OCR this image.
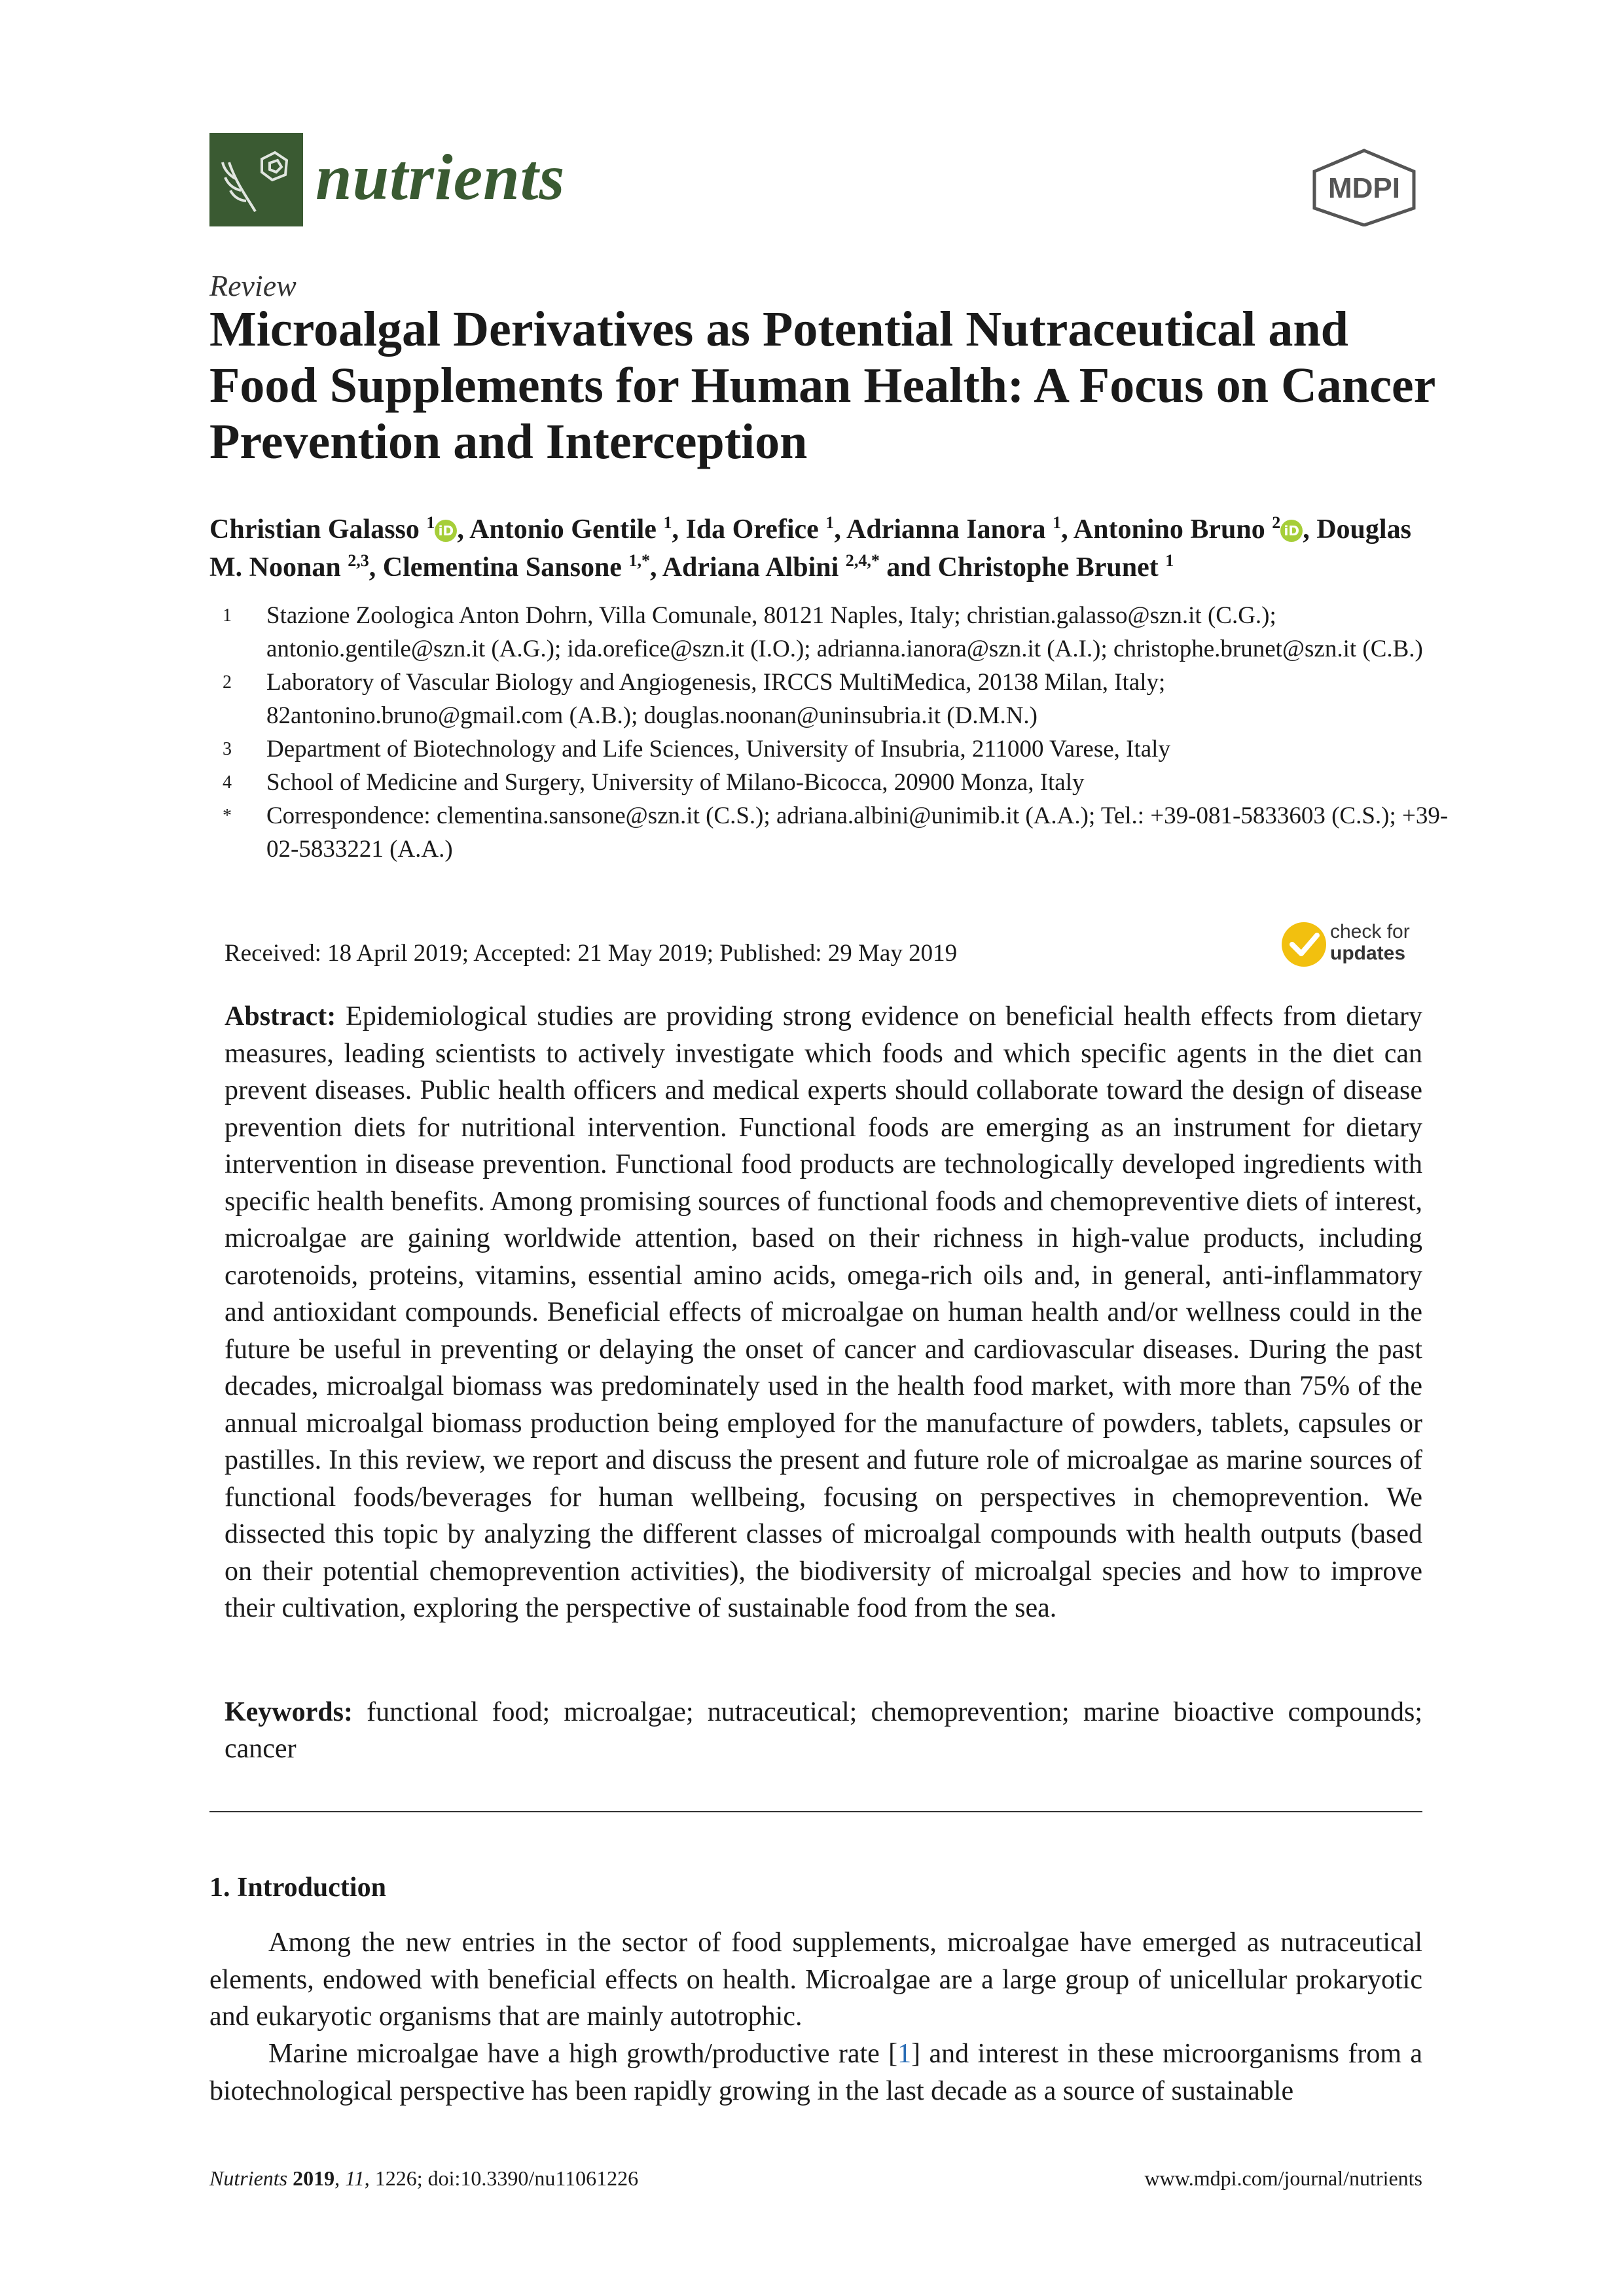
nutrients	MDPI
Review
Microalgal Derivatives as Potential Nutraceutical and Food Supplements for Human Health: A Focus on Cancer Prevention and Interception
Christian Galasso $^1$ iD , Antonio Gentile $^1$, Ida Orefice $^1$, Adrianna Ianora $^1$, Antonino Bruno $^2$ iD , Douglas M. Noonan $^{2,3}$, Clementina Sansone $^{1,*}$, Adriana Albini $^{2,4,*}$ and Christophe Brunet $^1$
1	Stazione Zoologica Anton Dohrn, Villa Comunale, 80121 Naples, Italy; christian.galasso@szn.it (C.G.); antonio.gentile@szn.it (A.G.); ida.orefice@szn.it (I.O.); adrianna.ianora@szn.it (A.I.); christophe.brunet@szn.it (C.B.)
2	Laboratory of Vascular Biology and Angiogenesis, IRCCS MultiMedica, 20138 Milan, Italy; 82antonino.bruno@gmail.com (A.B.); douglas.noonan@uninsubria.it (D.M.N.)
3	Department of Biotechnology and Life Sciences, University of Insubria, 211000 Varese, Italy
4	School of Medicine and Surgery, University of Milano-Bicocca, 20900 Monza, Italy
*	Correspondence: clementina.sansone@szn.it (C.S.); adriana.albini@unimib.it (A.A.); Tel.: +39-081-5833603 (C.S.); +39-02-5833221 (A.A.)
Received: 18 April 2019; Accepted: 21 May 2019; Published: 29 May 2019
check for
updates
Abstract: Epidemiological studies are providing strong evidence on beneficial health effects from dietary measures, leading scientists to actively investigate which foods and which specific agents in the diet can prevent diseases. Public health officers and medical experts should collaborate toward the design of disease prevention diets for nutritional intervention. Functional foods are emerging as an instrument for dietary intervention in disease prevention. Functional food products are technologically developed ingredients with specific health benefits. Among promising sources of functional foods and chemopreventive diets of interest, microalgae are gaining worldwide attention, based on their richness in high-value products, including carotenoids, proteins, vitamins, essential amino acids, omega-rich oils and, in general, anti-inflammatory and antioxidant compounds. Beneficial effects of microalgae on human health and/or wellness could in the future be useful in preventing or delaying the onset of cancer and cardiovascular diseases. During the past decades, microalgal biomass was predominately used in the health food market, with more than 75% of the annual microalgal biomass production being employed for the manufacture of powders, tablets, capsules or pastilles. In this review, we report and discuss the present and future role of microalgae as marine sources of functional foods/beverages for human wellbeing, focusing on perspectives in chemoprevention. We dissected this topic by analyzing the different classes of microalgal compounds with health outputs (based on their potential chemoprevention activities), the biodiversity of microalgal species and how to improve their cultivation, exploring the perspective of sustainable food from the sea.
Keywords: functional food; microalgae; nutraceutical; chemoprevention; marine bioactive compounds; cancer
1. Introduction
Among the new entries in the sector of food supplements, microalgae have emerged as nutraceutical elements, endowed with beneficial effects on health. Microalgae are a large group of unicellular prokaryotic and eukaryotic organisms that are mainly autotrophic.
Marine microalgae have a high growth/productive rate [1] and interest in these microorganisms from a biotechnological perspective has been rapidly growing in the last decade as a source of sustainable
Nutrients 2019, 11, 1226; doi:10.3390/nu11061226	www.mdpi.com/journal/nutrients
